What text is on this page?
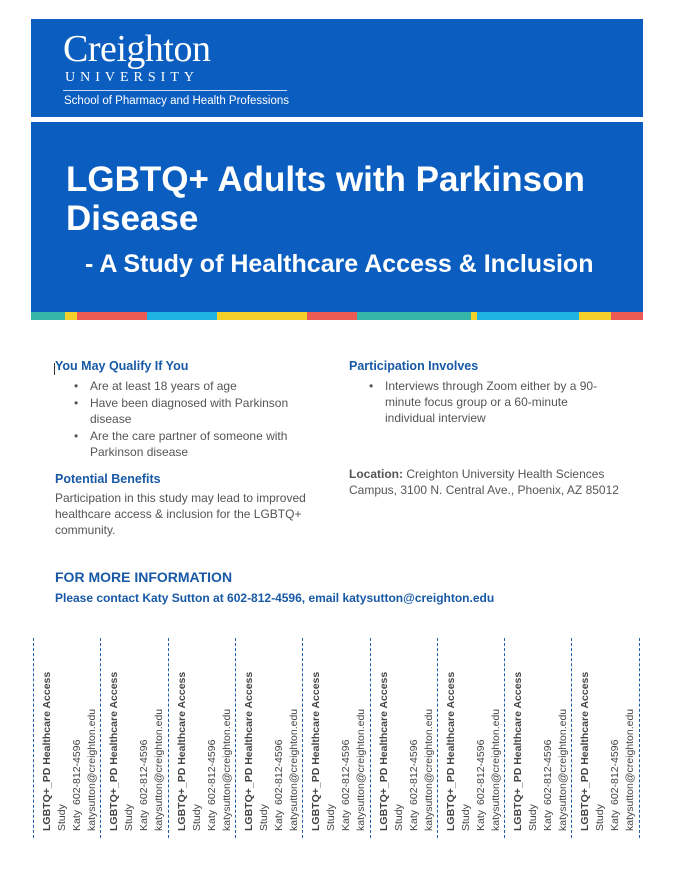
Creighton
UNIVERSITY
School of Pharmacy and Health Professions
LGBTQ+ Adults with Parkinson Disease
- A Study of Healthcare Access & Inclusion
You May Qualify If You
• Are at least 18 years of age
• Have been diagnosed with Parkinson disease
• Are the care partner of someone with Parkinson disease
Potential Benefits
Participation in this study may lead to improved healthcare access & inclusion for the LGBTQ+ community.
Participation Involves
• Interviews through Zoom either by a 90-minute focus group or a 60-minute individual interview
Location: Creighton University Health Sciences Campus, 3100 N. Central Ave., Phoenix, AZ 85012
FOR MORE INFORMATION
Please contact Katy Sutton at 602-812-4596, email katysutton@creighton.edu
LGBTQ+_PD Healthcare Access Study Katy602-812-4596 katysutton@creighton.edu LGBTQ+_PD Healthcare Access Study Katy602-812-4596 katysutton@creighton.edu LGBTQ+_PD Healthcare Access Study Katy602-812-4596 katysutton@creighton.edu LGBTQ+_PD Healthcare Access Study Katy602-812-4596 katysutton@creighton.edu LGBTQ+_PD Healthcare Access Study Katy602-812-4596 katysutton@creighton.edu LGBTQ+_PD Healthcare Access Study Katy602-812-4596 katysutton@creighton.edu LGBTQ+_PD Healthcare Access Study Katy602-812-4596 katysutton@creighton.edu LGBTQ+_PD Healthcare Access Study Katy602-812-4596 katysutton@creighton.edu LGBTQ+_PD Healthcare Access Study Katy602-812-4596 katysutton@creighton.edu
